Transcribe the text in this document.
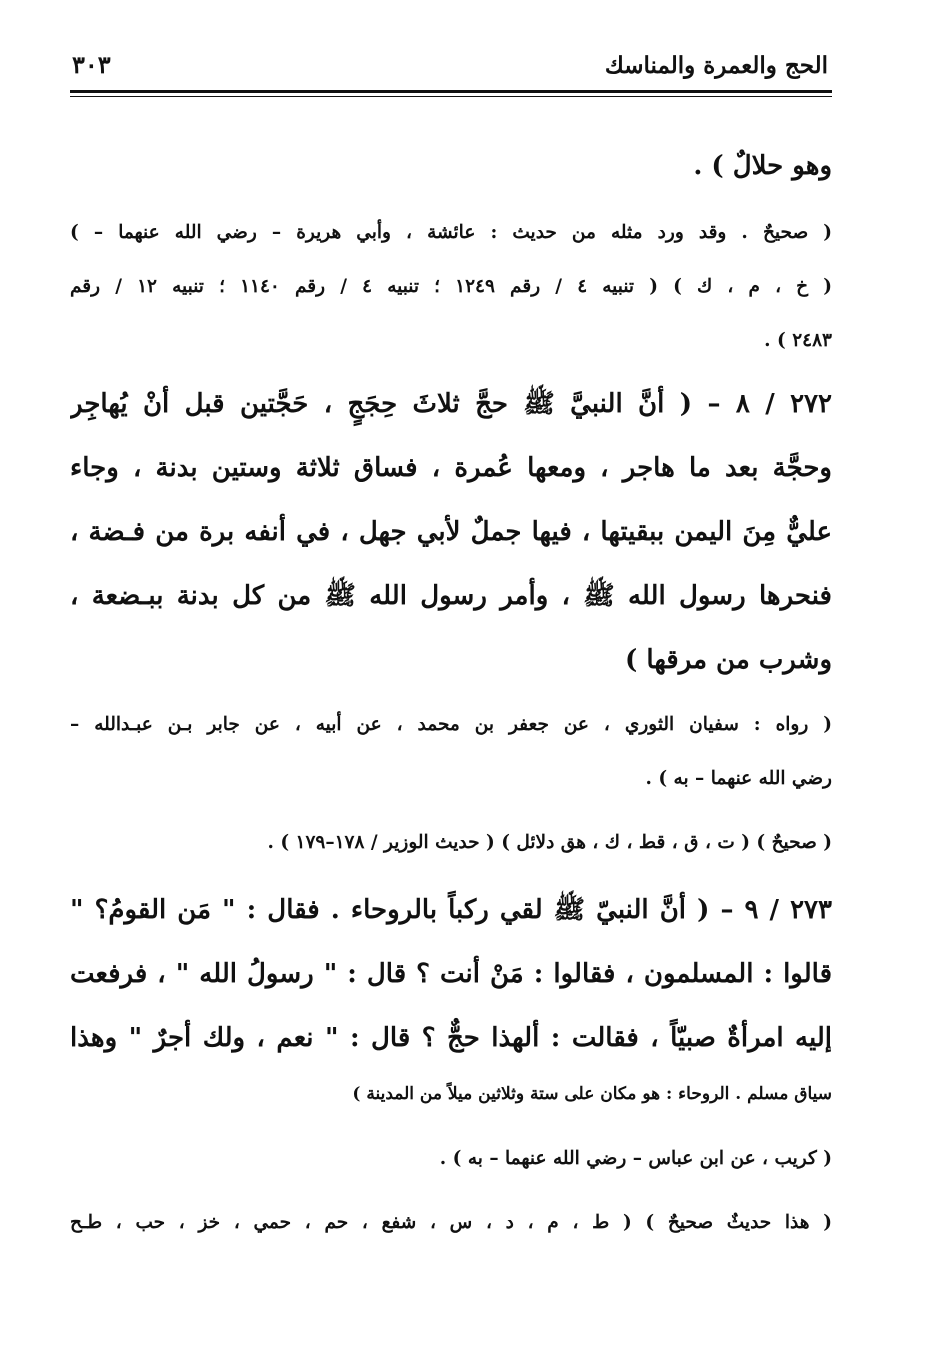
الحج والعمرة والمناسك
٣٠٣
وهو حلالٌ ) .
( صحيحٌ . وقد ورد مثله من حديث : عائشة ، وأبي هريرة – رضي الله عنهما – )
( خ ، م ، ك ) ( تنبيه ٤ / رقم ١٢٤٩ ؛ تنبيه ٤ / رقم ١١٤٠ ؛ تنبيه ١٢ / رقم
٢٤٨٣ ) .
٢٧٢ / ٨ – ( أنَّ النبيَّ ﷺ حجَّ ثلاثَ حِجَجٍ ، حَجَّتين قبل أنْ يُهاجِر
وحجَّة بعد ما هاجر ، ومعها عُمرة ، فساق ثلاثة وستين بدنة ، وجاء
عليٌّ مِنَ اليمن ببقيتها ، فيها جملٌ لأبي جهل ، في أنفه برة من فـضة ،
فنحرها رسول الله ﷺ ، وأمر رسول الله ﷺ من كل بدنة ببـضعة ،
وشرب من مرقها )
( رواه : سفيان الثوري ، عن جعفر بن محمد ، عن أبيه ، عن جابر بـن عبـدالله –
رضي الله عنهما – به ) .
( صحيحٌ ) ( ت ، ق ، قط ، ك ، هق دلائل ) ( حديث الوزير / ١٧٨–١٧٩ ) .
٢٧٣ / ٩ – ( أنَّ النبيّ ﷺ لقي ركباً بالروحاء . فقال : " مَن القومُ؟ "
قالوا : المسلمون ، فقالوا : مَنْ أنت ؟ قال : " رسولُ الله " ، فرفعت
إليه امرأةٌ صبيّاً ، فقالت : ألهذا حجٌّ ؟ قال : " نعم ، ولك أجرٌ " وهذا
سياق مسلم . الروحاء : هو مكان على ستة وثلاثين ميلاً من المدينة )
( كريب ، عن ابن عباس – رضي الله عنهما – به ) .
( هذا حديثٌ صحيحٌ ) ( ط ، م ، د ، س ، شفع ، حم ، حمي ، خز ، حب ، طـح
